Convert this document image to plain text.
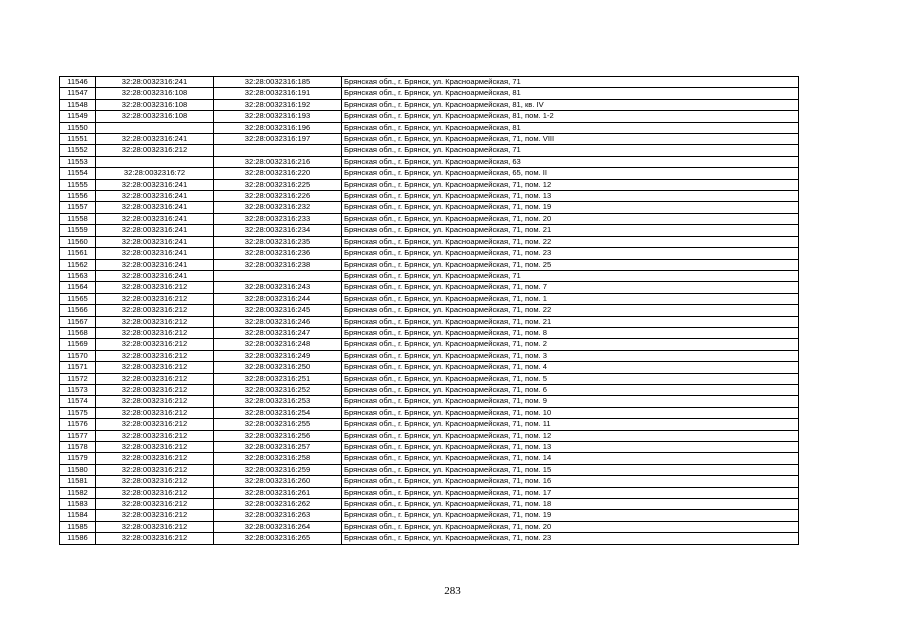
11546	32:28:0032316:241	32:28:0032316:185	Брянская обл., г. Брянск, ул. Красноармейская, 71
11547	32:28:0032316:108	32:28:0032316:191	Брянская обл., г. Брянск, ул. Красноармейская, 81
11548	32:28:0032316:108	32:28:0032316:192	Брянская обл., г. Брянск, ул. Красноармейская, 81, кв. IV
11549	32:28:0032316:108	32:28:0032316:193	Брянская обл., г. Брянск, ул. Красноармейская, 81, пом. 1-2
11550		32:28:0032316:196	Брянская обл., г. Брянск, ул. Красноармейская, 81
11551	32:28:0032316:241	32:28:0032316:197	Брянская обл., г. Брянск, ул. Красноармейская, 71, пом. VIII
11552	32:28:0032316:212		Брянская обл., г. Брянск, ул. Красноармейская, 71
11553		32:28:0032316:216	Брянская обл., г. Брянск, ул. Красноармейская, 63
11554	32:28:0032316:72	32:28:0032316:220	Брянская обл., г. Брянск, ул. Красноармейская, 65, пом. II
11555	32:28:0032316:241	32:28:0032316:225	Брянская обл., г. Брянск, ул. Красноармейская, 71, пом. 12
11556	32:28:0032316:241	32:28:0032316:226	Брянская обл., г. Брянск, ул. Красноармейская, 71, пом. 13
11557	32:28:0032316:241	32:28:0032316:232	Брянская обл., г. Брянск, ул. Красноармейская, 71, пом. 19
11558	32:28:0032316:241	32:28:0032316:233	Брянская обл., г. Брянск, ул. Красноармейская, 71, пом. 20
11559	32:28:0032316:241	32:28:0032316:234	Брянская обл., г. Брянск, ул. Красноармейская, 71, пом. 21
11560	32:28:0032316:241	32:28:0032316:235	Брянская обл., г. Брянск, ул. Красноармейская, 71, пом. 22
11561	32:28:0032316:241	32:28:0032316:236	Брянская обл., г. Брянск, ул. Красноармейская, 71, пом. 23
11562	32:28:0032316:241	32:28:0032316:238	Брянская обл., г. Брянск, ул. Красноармейская, 71, пом. 25
11563	32:28:0032316:241		Брянская обл., г. Брянск, ул. Красноармейская, 71
11564	32:28:0032316:212	32:28:0032316:243	Брянская обл., г. Брянск, ул. Красноармейская, 71, пом. 7
11565	32:28:0032316:212	32:28:0032316:244	Брянская обл., г. Брянск, ул. Красноармейская, 71, пом. 1
11566	32:28:0032316:212	32:28:0032316:245	Брянская обл., г. Брянск, ул. Красноармейская, 71, пом. 22
11567	32:28:0032316:212	32:28:0032316:246	Брянская обл., г. Брянск, ул. Красноармейская, 71, пом. 21
11568	32:28:0032316:212	32:28:0032316:247	Брянская обл., г. Брянск, ул. Красноармейская, 71, пом. 8
11569	32:28:0032316:212	32:28:0032316:248	Брянская обл., г. Брянск, ул. Красноармейская, 71, пом. 2
11570	32:28:0032316:212	32:28:0032316:249	Брянская обл., г. Брянск, ул. Красноармейская, 71, пом. 3
11571	32:28:0032316:212	32:28:0032316:250	Брянская обл., г. Брянск, ул. Красноармейская, 71, пом. 4
11572	32:28:0032316:212	32:28:0032316:251	Брянская обл., г. Брянск, ул. Красноармейская, 71, пом. 5
11573	32:28:0032316:212	32:28:0032316:252	Брянская обл., г. Брянск, ул. Красноармейская, 71, пом. 6
11574	32:28:0032316:212	32:28:0032316:253	Брянская обл., г. Брянск, ул. Красноармейская, 71, пом. 9
11575	32:28:0032316:212	32:28:0032316:254	Брянская обл., г. Брянск, ул. Красноармейская, 71, пом. 10
11576	32:28:0032316:212	32:28:0032316:255	Брянская обл., г. Брянск, ул. Красноармейская, 71, пом. 11
11577	32:28:0032316:212	32:28:0032316:256	Брянская обл., г. Брянск, ул. Красноармейская, 71, пом. 12
11578	32:28:0032316:212	32:28:0032316:257	Брянская обл., г. Брянск, ул. Красноармейская, 71, пом. 13
11579	32:28:0032316:212	32:28:0032316:258	Брянская обл., г. Брянск, ул. Красноармейская, 71, пом. 14
11580	32:28:0032316:212	32:28:0032316:259	Брянская обл., г. Брянск, ул. Красноармейская, 71, пом. 15
11581	32:28:0032316:212	32:28:0032316:260	Брянская обл., г. Брянск, ул. Красноармейская, 71, пом. 16
11582	32:28:0032316:212	32:28:0032316:261	Брянская обл., г. Брянск, ул. Красноармейская, 71, пом. 17
11583	32:28:0032316:212	32:28:0032316:262	Брянская обл., г. Брянск, ул. Красноармейская, 71, пом. 18
11584	32:28:0032316:212	32:28:0032316:263	Брянская обл., г. Брянск, ул. Красноармейская, 71, пом. 19
11585	32:28:0032316:212	32:28:0032316:264	Брянская обл., г. Брянск, ул. Красноармейская, 71, пом. 20
11586	32:28:0032316:212	32:28:0032316:265	Брянская обл., г. Брянск, ул. Красноармейская, 71, пом. 23
283
